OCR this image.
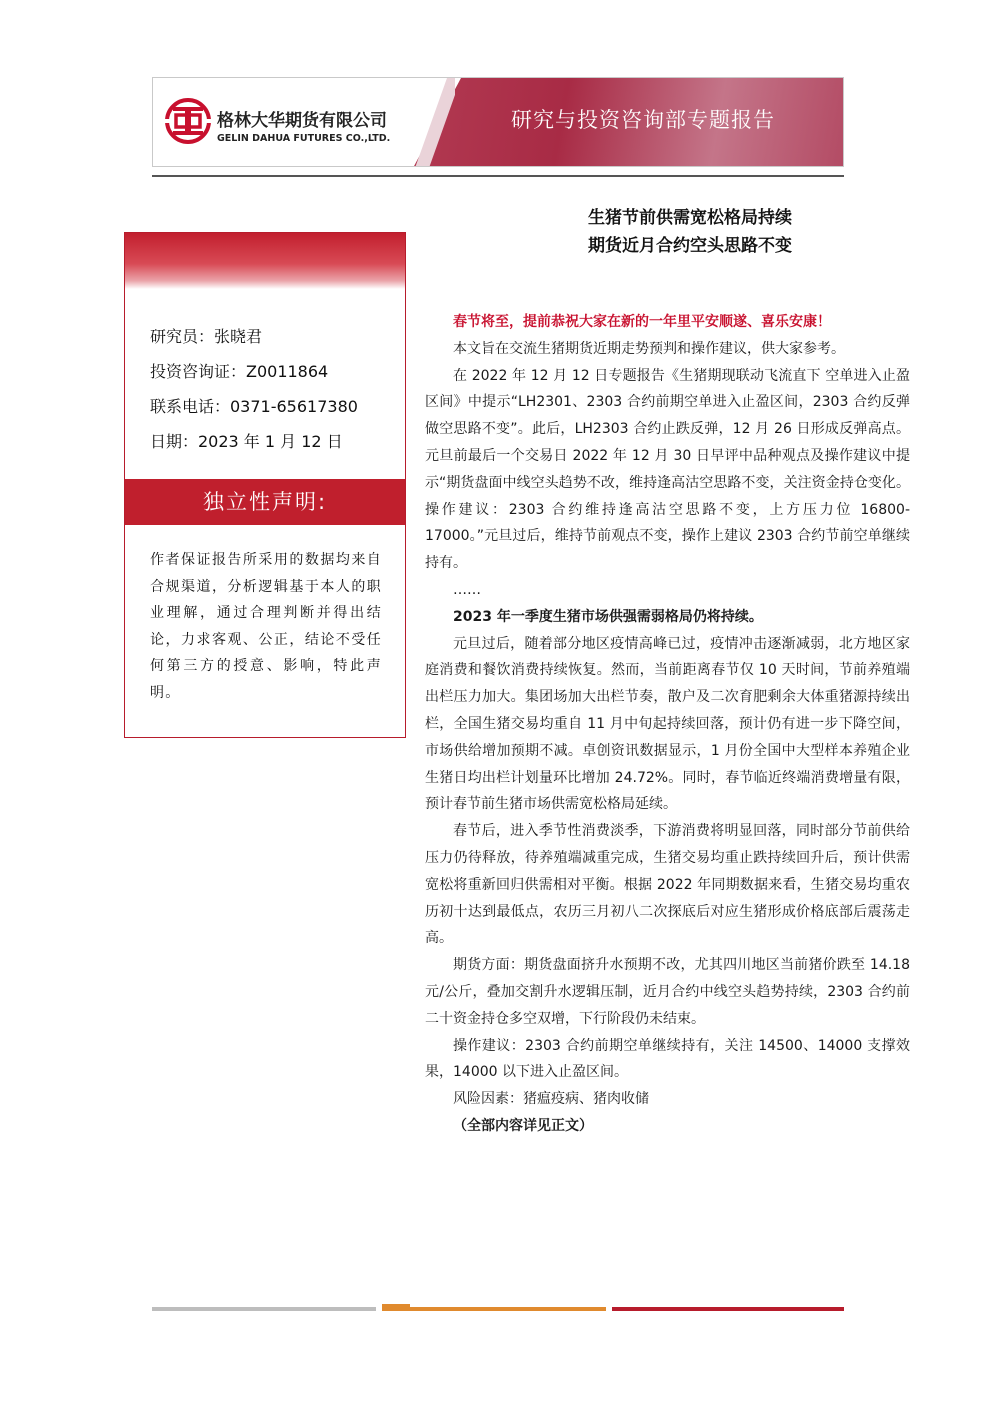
格林大华期货有限公司
GELIN DAHUA FUTURES CO.,LTD.
研究与投资咨询部专题报告
生猪节前供需宽松格局持续
期货近月合约空头思路不变
研究员：张晓君
投资咨询证：Z0011864
联系电话：0371-65617380
日期：2023 年 1 月 12 日
独立性声明:
作者保证报告所采用的数据均来自合规渠道，分析逻辑基于本人的职业理解，通过合理判断并得出结论，力求客观、公正，结论不受任何第三方的授意、影响，特此声明。

春节将至，提前恭祝大家在新的一年里平安顺遂、喜乐安康！

本文旨在交流生猪期货近期走势预判和操作建议，供大家参考。

在 2022 年 12 月 12 日专题报告《生猪期现联动飞流直下 空单进入止盈区间》中提示“LH2301、2303 合约前期空单进入止盈区间，2303 合约反弹做空思路不变”。此后，LH2303 合约止跌反弹，12 月 26 日形成反弹高点。元旦前最后一个交易日 2022 年 12 月 30 日早评中品种观点及操作建议中提示“期货盘面中线空头趋势不改，维持逢高沽空思路不变，关注资金持仓变化。操作建议：2303 合约维持逢高沽空思路不变，上方压力位 16800-17000。”元旦过后，维持节前观点不变，操作上建议 2303 合约节前空单继续持有。

……

2023 年一季度生猪市场供强需弱格局仍将持续。

元旦过后，随着部分地区疫情高峰已过，疫情冲击逐渐减弱，北方地区家庭消费和餐饮消费持续恢复。然而，当前距离春节仅 10 天时间，节前养殖端出栏压力加大。集团场加大出栏节奏，散户及二次育肥剩余大体重猪源持续出栏，全国生猪交易均重自 11 月中旬起持续回落，预计仍有进一步下降空间，市场供给增加预期不减。卓创资讯数据显示，1 月份全国中大型样本养殖企业生猪日均出栏计划量环比增加 24.72%。同时，春节临近终端消费增量有限，预计春节前生猪市场供需宽松格局延续。

春节后，进入季节性消费淡季，下游消费将明显回落，同时部分节前供给压力仍待释放，待养殖端减重完成，生猪交易均重止跌持续回升后，预计供需宽松将重新回归供需相对平衡。根据 2022 年同期数据来看，生猪交易均重农历初十达到最低点，农历三月初八二次探底后对应生猪形成价格底部后震荡走高。

期货方面：期货盘面挤升水预期不改，尤其四川地区当前猪价跌至 14.18 元/公斤，叠加交割升水逻辑压制，近月合约中线空头趋势持续，2303 合约前二十资金持仓多空双增，下行阶段仍未结束。

操作建议：2303 合约前期空单继续持有，关注 14500、14000 支撑效果，14000 以下进入止盈区间。

风险因素：猪瘟疫病、猪肉收储

（全部内容详见正文）
